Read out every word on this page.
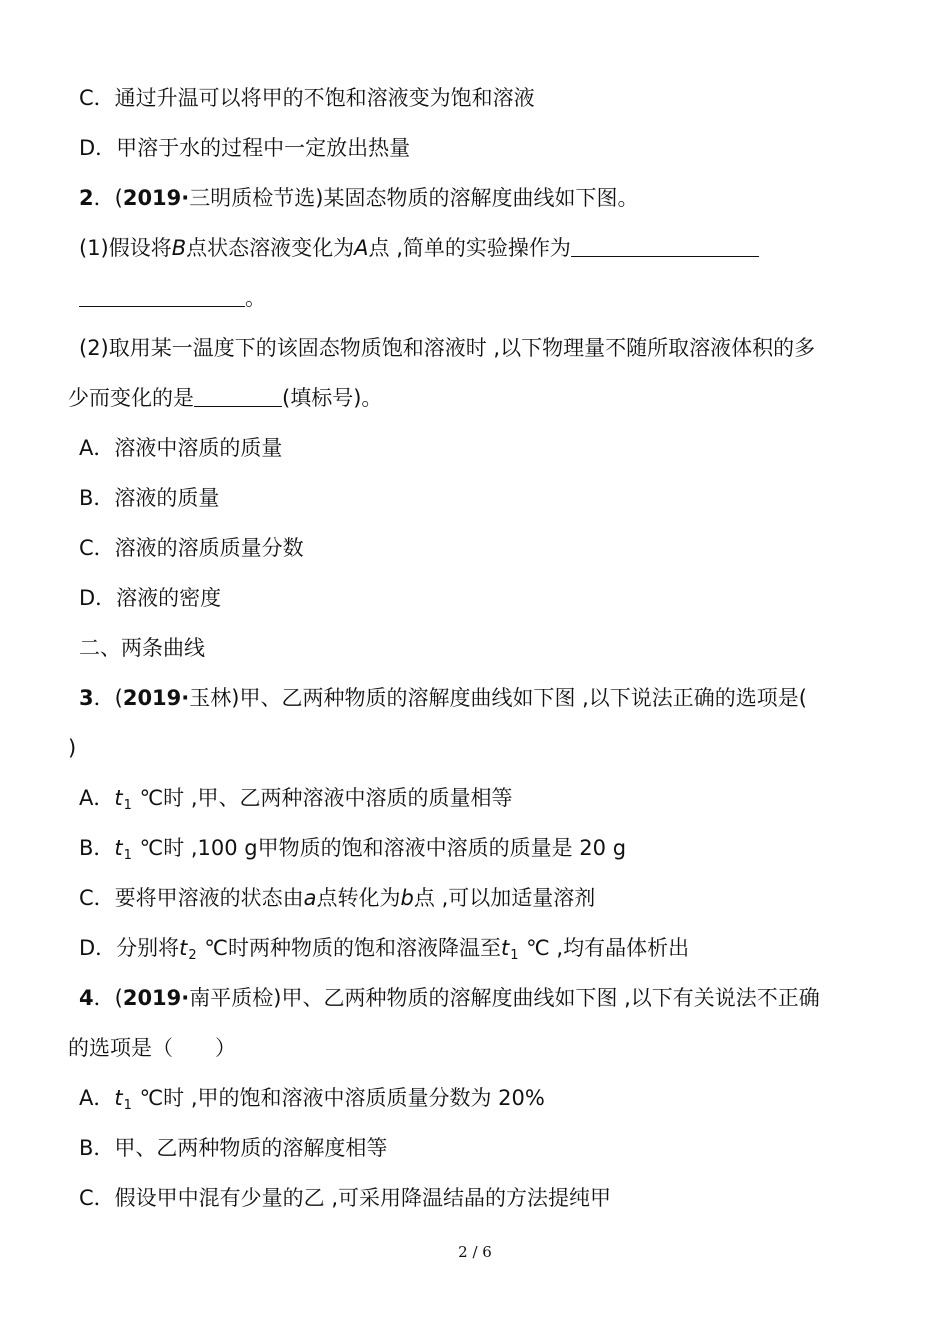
C．通过升温可以将甲的不饱和溶液变为饱和溶液
D．甲溶于水的过程中一定放出热量
2．(2019·三明质检节选)某固态物质的溶解度曲线如下图。
(1)假设将B点状态溶液变化为A点 ,简单的实验操作为
。
(2)取用某一温度下的该固态物质饱和溶液时 ,以下物理量不随所取溶液体积的多
少而变化的是	(填标号)。
A．溶液中溶质的质量
B．溶液的质量
C．溶液的溶质质量分数
D．溶液的密度
二、两条曲线
3．(2019·玉林)甲、乙两种物质的溶解度曲线如下图 ,以下说法正确的选项是(
)
A．t1 ℃时 ,甲、乙两种溶液中溶质的质量相等
B．t1 ℃时 ,100 g甲物质的饱和溶液中溶质的质量是 20 g
C．要将甲溶液的状态由a点转化为b点 ,可以加适量溶剂
D．分别将t2 ℃时两种物质的饱和溶液降温至t1 ℃ ,均有晶体析出
4．(2019·南平质检)甲、乙两种物质的溶解度曲线如下图 ,以下有关说法不正确
的选项是（　　）
A．t1 ℃时 ,甲的饱和溶液中溶质质量分数为 20%
B．甲、乙两种物质的溶解度相等
C．假设甲中混有少量的乙 ,可采用降温结晶的方法提纯甲
2 / 6
